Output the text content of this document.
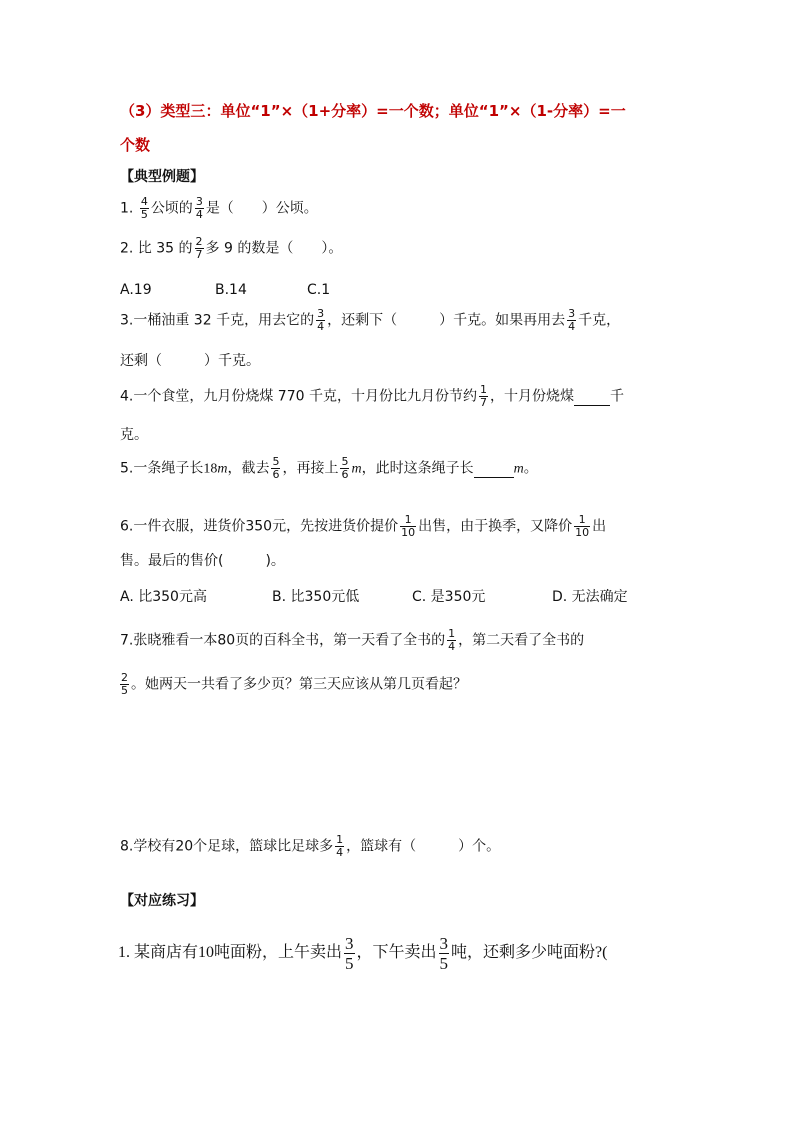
（3）类型三：单位“1”×（1+分率）=一个数；单位“1”×（1-分率）=一
个数
【典型例题】
1. $\frac{4}{5}$ 公顷的 $\frac{3}{4}$ 是（　　）公顷。
2. 比 35 的 $\frac{2}{7}$ 多 9 的数是（　　）。
A.19	B.14	C.1
3.一桶油重 32 千克，用去它的 $\frac{3}{4}$ ，还剩下（　　　）千克。如果再用去 $\frac{3}{4}$ 千克，
还剩（　　　）千克。
4.一个食堂，九月份烧煤 770 千克，十月份比九月份节约 $\frac{1}{7}$ ，十月份烧煤	千
克。
5.一条绳子长18m，截去 $\frac{5}{6}$ ，再接上 $\frac{5}{6}$ m，此时这条绳子长	m。
6.一件衣服，进货价350元，先按进货价提价 $\frac{1}{10}$ 出售，由于换季，又降价 $\frac{1}{10}$ 出
售。最后的售价(　　　)。
A. 比350元高	B. 比350元低	C. 是350元	D. 无法确定
7.张晓雅看一本80页的百科全书，第一天看了全书的 $\frac{1}{4}$ ，第二天看了全书的
$\frac{2}{5}$ 。她两天一共看了多少页？第三天应该从第几页看起？
8.学校有20个足球，篮球比足球多 $\frac{1}{4}$ ，篮球有（　　　）个。
【对应练习】
1. 某商店有10吨面粉，上午卖出 $\frac{3}{5}$ ，下午卖出 $\frac{3}{5}$ 吨，还剩多少吨面粉?(
